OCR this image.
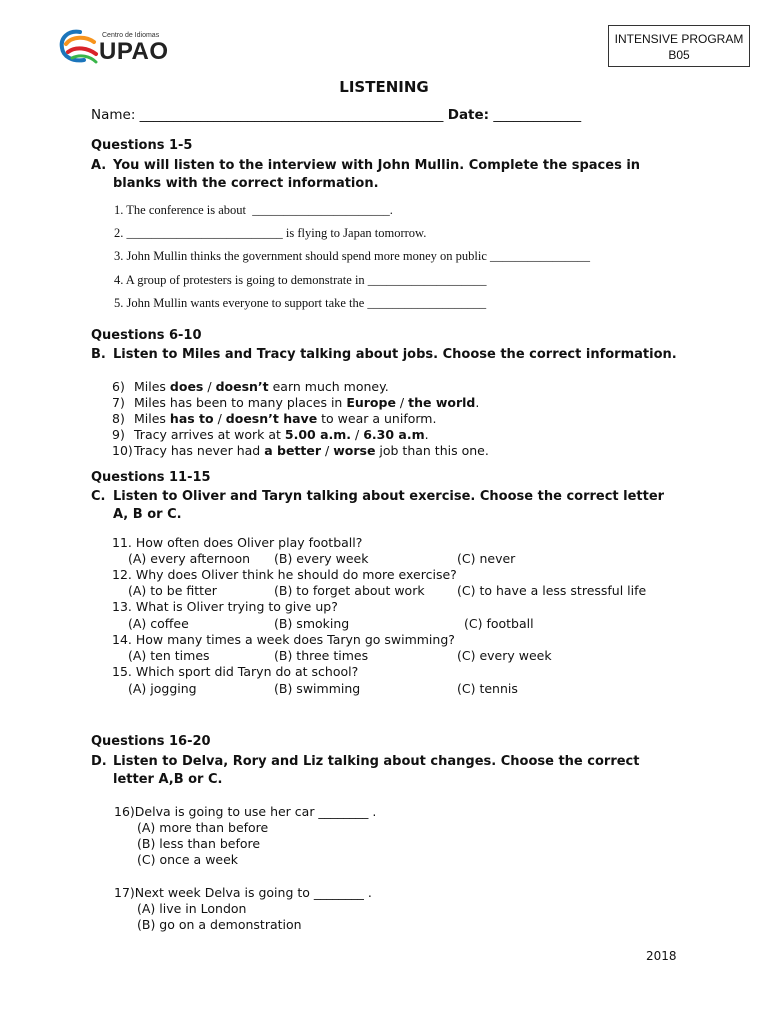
Centro de Idiomas
UPAO	INTENSIVE PROGRAM
B05
LISTENING
Name: _____________________________________________ Date: _____________
Questions 1-5
A. You will listen to the interview with John Mullin. Complete the spaces in blanks with the correct information.
1. The conference is about  ______________________.
2. _________________________ is flying to Japan tomorrow.
3. John Mullin thinks the government should spend more money on public ________________
4. A group of protesters is going to demonstrate in ___________________
5. John Mullin wants everyone to support take the ___________________
Questions 6-10
B. Listen to Miles and Tracy talking about jobs. Choose the correct information.
6) Miles does / doesn’t earn much money.
7) Miles has been to many places in Europe / the world.
8) Miles has to / doesn’t have to wear a uniform.
9) Tracy arrives at work at 5.00 a.m. / 6.30 a.m.
10)Tracy has never had a better / worse job than this one.
Questions 11-15
C. Listen to Oliver and Taryn talking about exercise. Choose the correct letter A, B or C.
11. How often does Oliver play football?
(A) every afternoon (B) every week	(C) never
12. Why does Oliver think he should do more exercise?
(A) to be fitter	(B) to forget about work	(C) to have a less stressful life
13. What is Oliver trying to give up?
(A) coffee	(B) smoking	(C) football
14. How many times a week does Taryn go swimming?
(A) ten times	(B) three times	(C) every week
15. Which sport did Taryn do at school?
(A) jogging	(B) swimming	(C) tennis
Questions 16-20
D. Listen to Delva, Rory and Liz talking about changes. Choose the correct letter A,B or C.
16)Delva is going to use her car ________ .
(A) more than before
(B) less than before
(C) once a week
17)Next week Delva is going to ________ .
(A) live in London
(B) go on a demonstration
2018
